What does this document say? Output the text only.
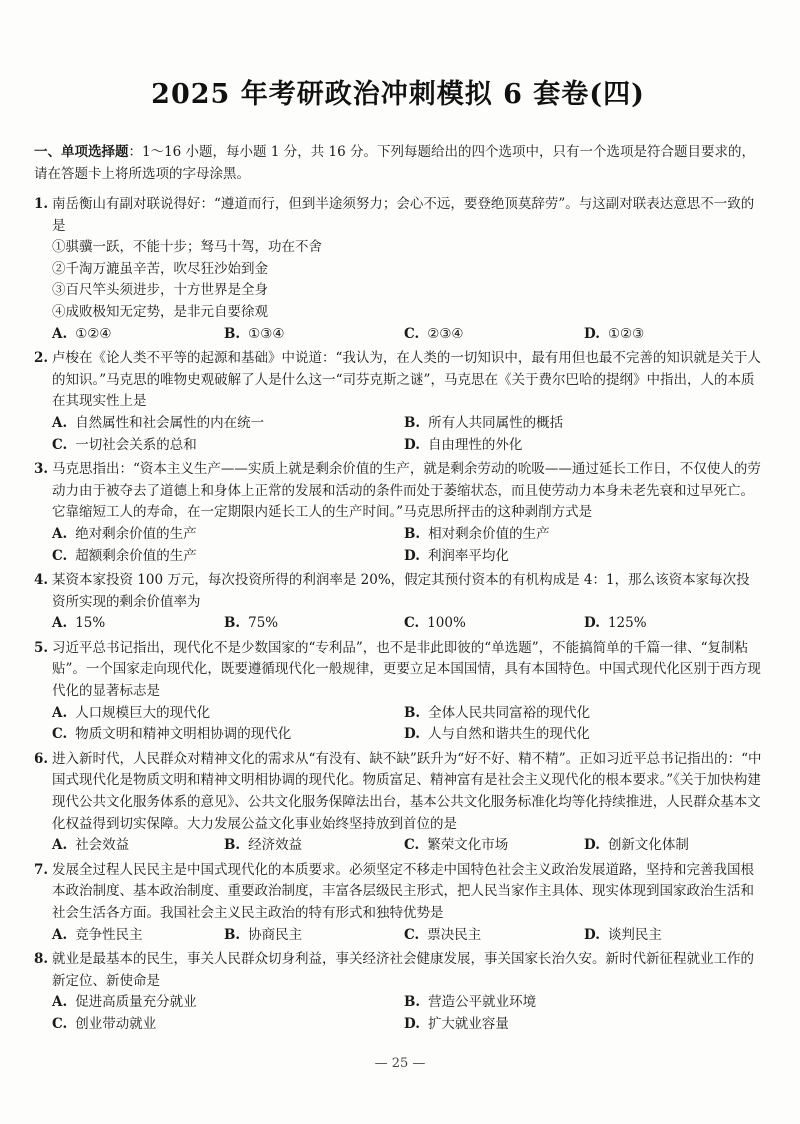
2025 年考研政治冲刺模拟 6 套卷(四)
一、单项选择题：1～16 小题，每小题 1 分，共 16 分。下列每题给出的四个选项中，只有一个选项是符合题目要求的，请在答题卡上将所选项的字母涂黑。
1. 南岳衡山有副对联说得好：“遵道而行，但到半途须努力；会心不远，要登绝顶莫辞劳”。与这副对联表达意思不一致的是
①骐骥一跃，不能十步；驽马十驾，功在不舍
②千淘万漉虽辛苦，吹尽狂沙始到金
③百尺竿头须进步，十方世界是全身
④成败极知无定势，是非元自要徐观
A. ①②④	B. ①③④	C. ②③④	D. ①②③
2. 卢梭在《论人类不平等的起源和基础》中说道：“我认为，在人类的一切知识中，最有用但也最不完善的知识就是关于人的知识。”马克思的唯物史观破解了人是什么这一“司芬克斯之谜”，马克思在《关于费尔巴哈的提纲》中指出，人的本质在其现实性上是
A. 自然属性和社会属性的内在统一	B. 所有人共同属性的概括
C. 一切社会关系的总和	D. 自由理性的外化
3. 马克思指出：“资本主义生产——实质上就是剩余价值的生产，就是剩余劳动的吮吸——通过延长工作日，不仅使人的劳动力由于被夺去了道德上和身体上正常的发展和活动的条件而处于萎缩状态，而且使劳动力本身未老先衰和过早死亡。它靠缩短工人的寿命，在一定期限内延长工人的生产时间。”马克思所抨击的这种剥削方式是
A. 绝对剩余价值的生产	B. 相对剩余价值的生产
C. 超额剩余价值的生产	D. 利润率平均化
4. 某资本家投资 100 万元，每次投资所得的利润率是 20%，假定其预付资本的有机构成是 4：1，那么该资本家每次投资所实现的剩余价值率为
A. 15%	B. 75%	C. 100%	D. 125%
5. 习近平总书记指出，现代化不是少数国家的“专利品”，也不是非此即彼的“单选题”，不能搞简单的千篇一律、“复制粘贴”。一个国家走向现代化，既要遵循现代化一般规律，更要立足本国国情，具有本国特色。中国式现代化区别于西方现代化的显著标志是
A. 人口规模巨大的现代化	B. 全体人民共同富裕的现代化
C. 物质文明和精神文明相协调的现代化	D. 人与自然和谐共生的现代化
6. 进入新时代，人民群众对精神文化的需求从“有没有、缺不缺”跃升为“好不好、精不精”。正如习近平总书记指出的：“中国式现代化是物质文明和精神文明相协调的现代化。物质富足、精神富有是社会主义现代化的根本要求。”《关于加快构建现代公共文化服务体系的意见》、公共文化服务保障法出台，基本公共文化服务标准化均等化持续推进，人民群众基本文化权益得到切实保障。大力发展公益文化事业始终坚持放到首位的是
A. 社会效益	B. 经济效益	C. 繁荣文化市场	D. 创新文化体制
7. 发展全过程人民民主是中国式现代化的本质要求。必须坚定不移走中国特色社会主义政治发展道路，坚持和完善我国根本政治制度、基本政治制度、重要政治制度，丰富各层级民主形式，把人民当家作主具体、现实体现到国家政治生活和社会生活各方面。我国社会主义民主政治的特有形式和独特优势是
A. 竞争性民主	B. 协商民主	C. 票决民主	D. 谈判民主
8. 就业是最基本的民生，事关人民群众切身利益，事关经济社会健康发展，事关国家长治久安。新时代新征程就业工作的新定位、新使命是
A. 促进高质量充分就业	B. 营造公平就业环境
C. 创业带动就业	D. 扩大就业容量
— 25 —
